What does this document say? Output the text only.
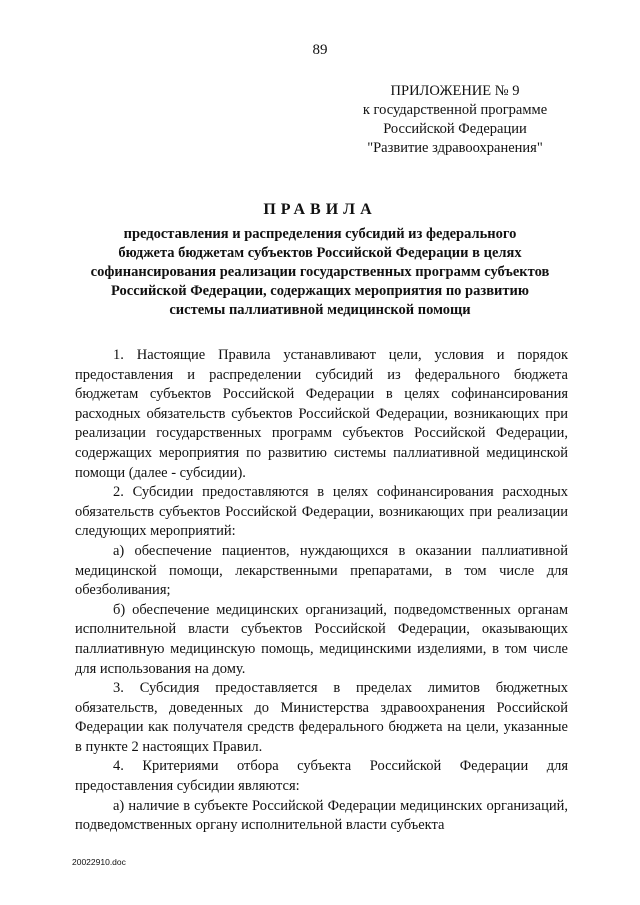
89
ПРИЛОЖЕНИЕ № 9
к государственной программе
Российской Федерации
"Развитие здравоохранения"
ПРАВИЛА
предоставления и распределения субсидий из федерального
бюджета бюджетам субъектов Российской Федерации в целях
софинансирования реализации государственных программ субъектов
Российской Федерации, содержащих мероприятия по развитию
системы паллиативной медицинской помощи

1. Настоящие Правила устанавливают цели, условия и порядок предоставления и распределении субсидий из федерального бюджета бюджетам субъектов Российской Федерации в целях софинансирования расходных обязательств субъектов Российской Федерации, возникающих при реализации государственных программ субъектов Российской Федерации, содержащих мероприятия по развитию системы паллиативной медицинской помощи (далее - субсидии).

2. Субсидии предоставляются в целях софинансирования расходных обязательств субъектов Российской Федерации, возникающих при реализации следующих мероприятий:

а) обеспечение пациентов, нуждающихся в оказании паллиативной медицинской помощи, лекарственными препаратами, в том числе для обезболивания;

б) обеспечение медицинских организаций, подведомственных органам исполнительной власти субъектов Российской Федерации, оказывающих паллиативную медицинскую помощь, медицинскими изделиями, в том числе для использования на дому.

3. Субсидия предоставляется в пределах лимитов бюджетных обязательств, доведенных до Министерства здравоохранения Российской Федерации как получателя средств федерального бюджета на цели, указанные в пункте 2 настоящих Правил.

4. Критериями отбора субъекта Российской Федерации для предоставления субсидии являются:

а) наличие в субъекте Российской Федерации медицинских организаций, подведомственных органу исполнительной власти субъекта

20022910.doc
